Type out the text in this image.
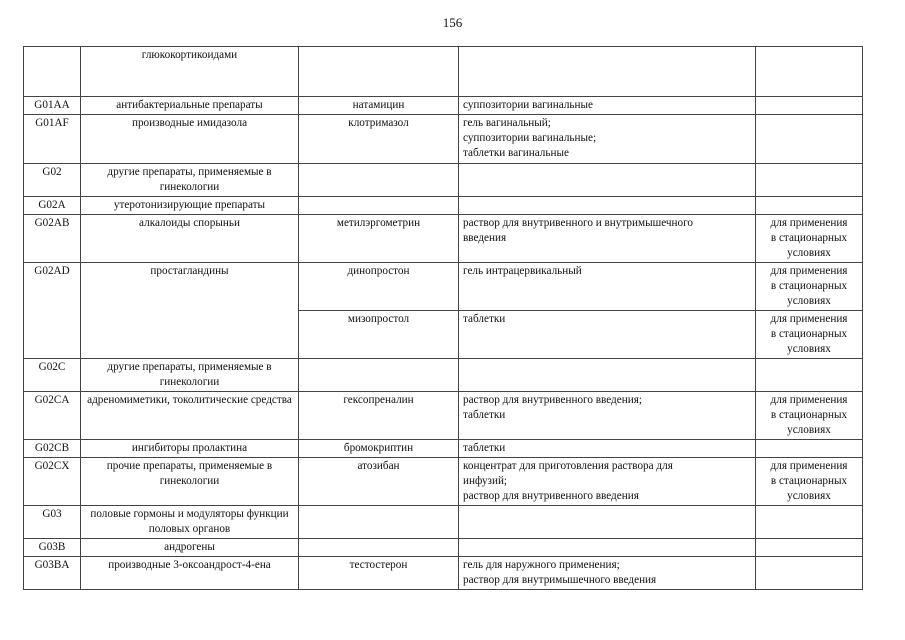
156
	глюкокортикоидами			
G01AA	антибактериальные препараты	натамицин	суппозитории вагинальные	

G01AF	производные имидазола	клотримазол	гель вагинальный;
суппозитории вагинальные;
таблетки вагинальные	

G02	другие препараты, применяемые в гинекологии			
G02A	утеротонизирующие препараты			
G02AB	алкалоиды спорыньи	метилэргометрин	раствор для внутривенного и внутримышечного
введения	для применения
в стационарных
условиях

G02AD	простагландины	динопростон	гель интрацервикальный	для применения
в стационарных
условиях

		мизопростол	таблетки	для применения
в стационарных
условиях

G02C	другие препараты, применяемые в гинекологии			
G02CA	адреномиметики, токолитические средства	гексопреналин	раствор для внутривенного введения;
таблетки	для применения
в стационарных
условиях

G02CB	ингибиторы пролактина	бромокриптин	таблетки	

G02CX	прочие препараты, применяемые в гинекологии	атозибан	концентрат для приготовления раствора для
инфузий;
раствор для внутривенного введения	для применения
в стационарных
условиях

G03	половые гормоны и модуляторы функции половых органов			
G03B	андрогены			
G03BA	производные 3-оксоандрост-4-ена	тестостерон	гель для наружного применения;
раствор для внутримышечного введения	
